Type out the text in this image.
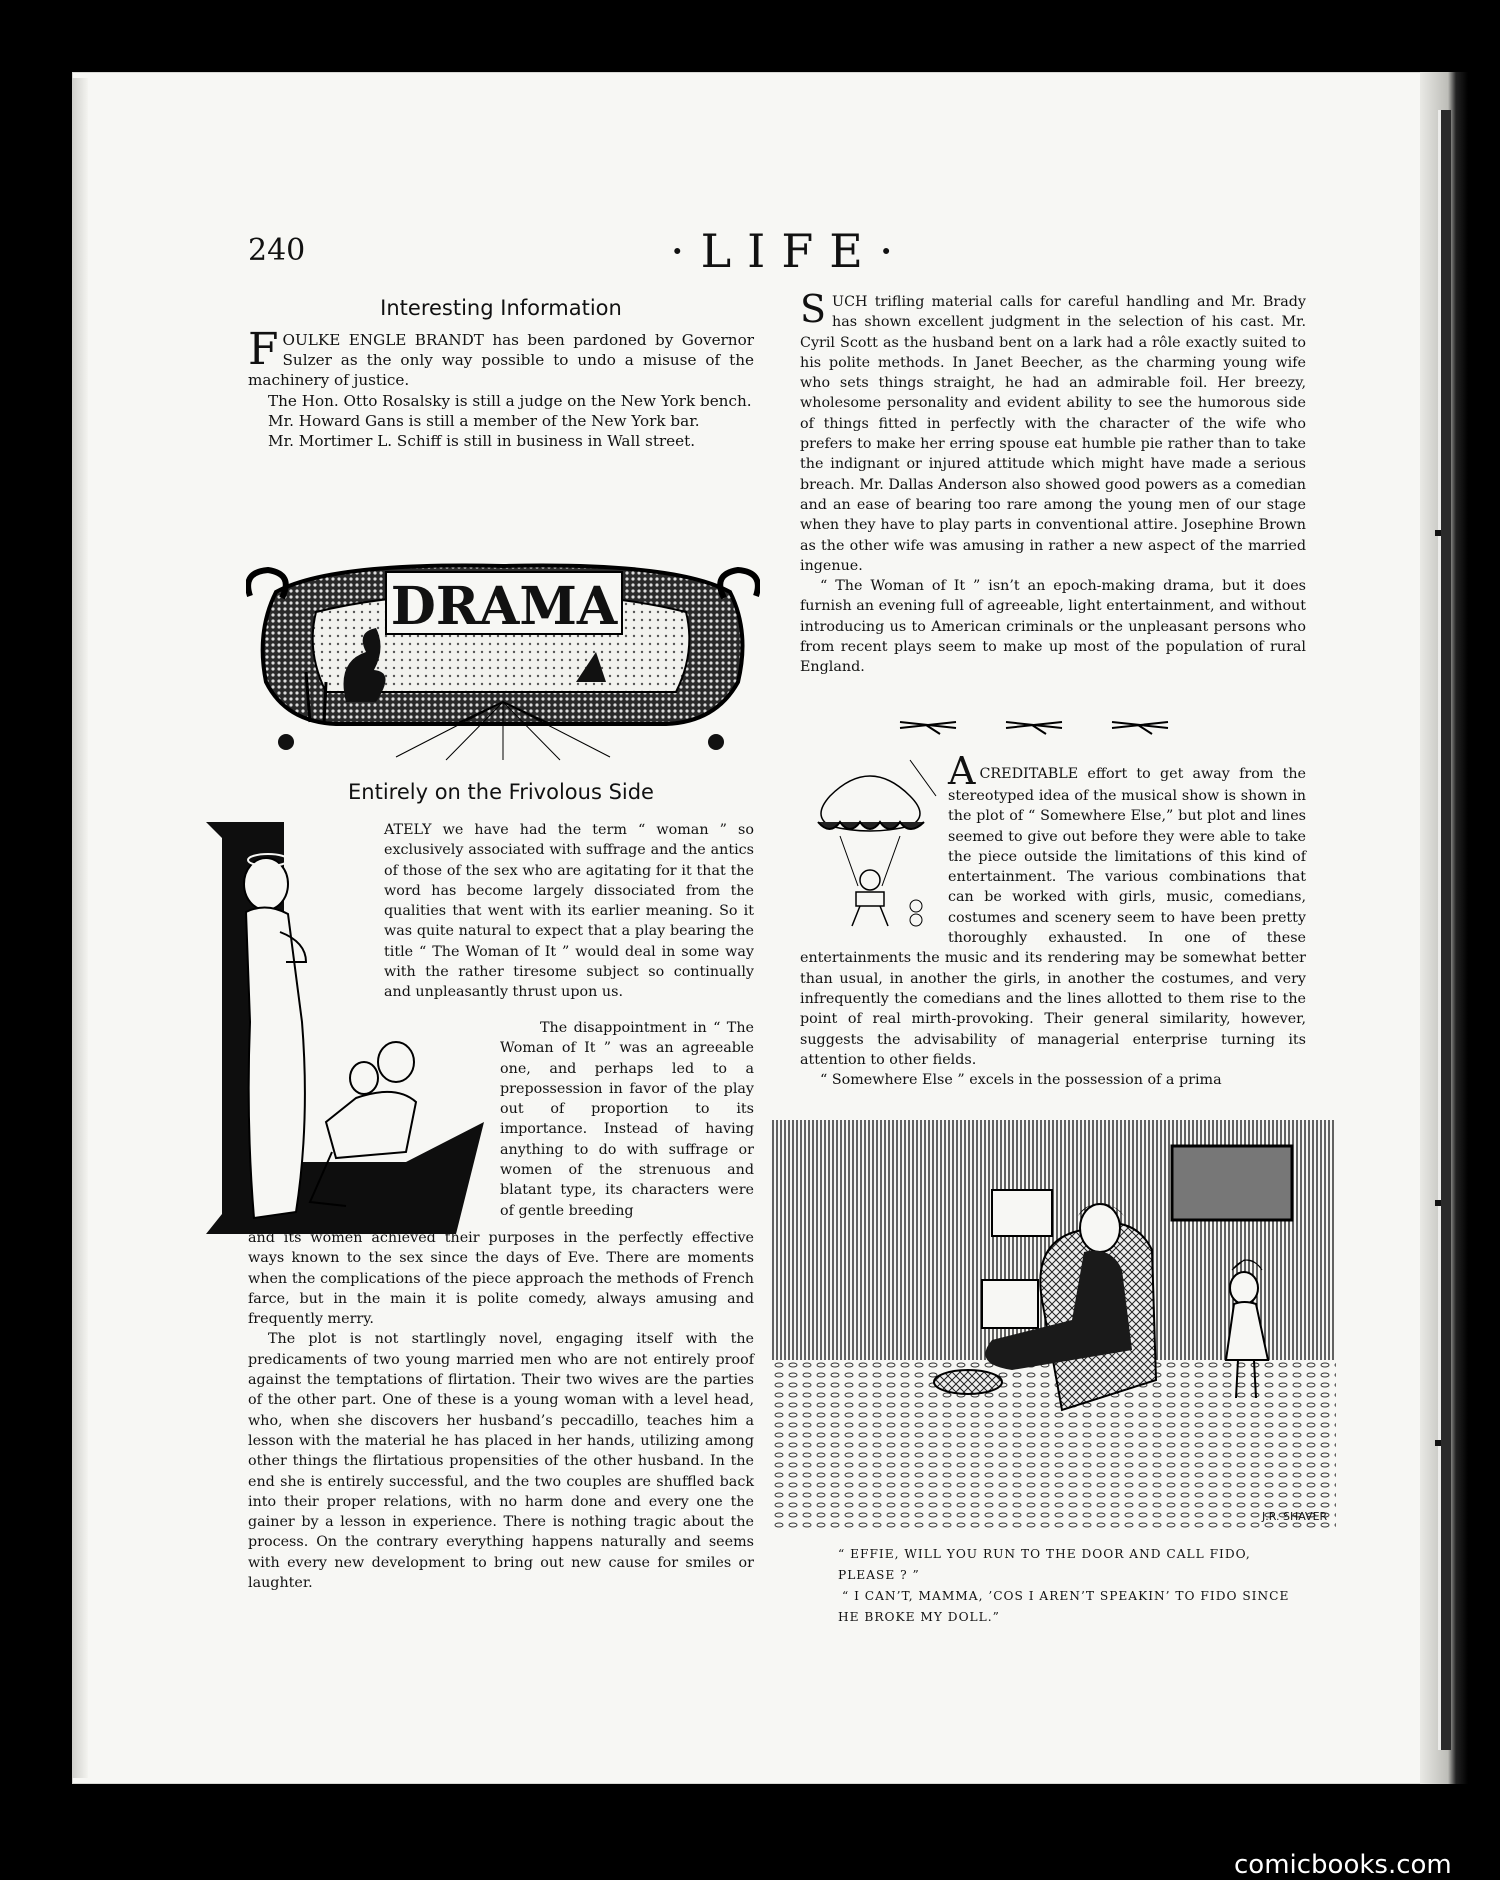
240	·LIFE·
Interesting Information

FOULKE ENGLE BRANDT has been pardoned by Governor Sulzer as the only way possible to undo a misuse of the machinery of justice.

The Hon. Otto Rosalsky is still a judge on the New York bench.

Mr. Howard Gans is still a member of the New York bar.

Mr. Mortimer L. Schiff is still in business in Wall street.

DRAMA
Entirely on the Frivolous Side
ATELY we have had the term “ woman ” so exclusively associated with suffrage and the antics of those of the sex who are agitating for it that the word has become largely dissociated from the qualities that went with its earlier meaning. So it was quite natural to expect that a play bearing the title “ The Woman of It ” would deal in some way with the rather tiresome subject so continually and unpleasantly thrust upon us.

The disappointment in “ The Woman of It ” was an agreeable one, and perhaps led to a prepossession in favor of the play out of proportion to its importance. Instead of having anything to do with suffrage or women of the strenuous and blatant type, its characters were of gentle breeding

and its women achieved their purposes in the perfectly effective ways known to the sex since the days of Eve. There are moments when the complications of the piece approach the methods of French farce, but in the main it is polite comedy, always amusing and frequently merry.

The plot is not startlingly novel, engaging itself with the predicaments of two young married men who are not entirely proof against the temptations of flirtation. Their two wives are the parties of the other part. One of these is a young woman with a level head, who, when she discovers her husband’s peccadillo, teaches him a lesson with the material he has placed in her hands, utilizing among other things the flirtatious propensities of the other husband. In the end she is entirely successful, and the two couples are shuffled back into their proper relations, with no harm done and every one the gainer by a lesson in experience. There is nothing tragic about the process. On the contrary everything happens naturally and seems with every new development to bring out new cause for smiles or laughter.

SUCH trifling material calls for careful handling and Mr. Brady has shown excellent judgment in the selection of his cast. Mr. Cyril Scott as the husband bent on a lark had a rôle exactly suited to his polite methods. In Janet Beecher, as the charming young wife who sets things straight, he had an admirable foil. Her breezy, wholesome personality and evident ability to see the humorous side of things fitted in perfectly with the character of the wife who prefers to make her erring spouse eat humble pie rather than to take the indignant or injured attitude which might have made a serious breach. Mr. Dallas Anderson also showed good powers as a comedian and an ease of bearing too rare among the young men of our stage when they have to play parts in conventional attire. Josephine Brown as the other wife was amusing in rather a new aspect of the married ingenue.

“ The Woman of It ” isn’t an epoch-making drama, but it does furnish an evening full of agreeable, light entertainment, and without introducing us to American criminals or the unpleasant persons who from recent plays seem to make up most of the population of rural England.

ACREDITABLE effort to get away from the stereotyped idea of the musical show is shown in the plot of “ Somewhere Else,” but plot and lines seemed to give out before they were able to take the piece outside the limitations of this kind of entertainment. The various combinations that can be worked with girls, music, comedians, costumes and scenery seem to have been pretty thoroughly exhausted. In one of these entertainments the music and its rendering may be somewhat better than usual, in another the girls, in another the costumes, and very infrequently the comedians and the lines allotted to them rise to the point of real mirth-provoking. Their general similarity, however, suggests the advisability of managerial enterprise turning its attention to other fields.

“ Somewhere Else ” excels in the possession of a prima

J.R. SHAVER

“ EFFIE, WILL YOU RUN TO THE DOOR AND CALL FIDO, PLEASE ? ”

“ I CAN’T, MAMMA, ’COS I AREN’T SPEAKIN’ TO FIDO SINCE HE BROKE MY DOLL.”

comicbooks.com
